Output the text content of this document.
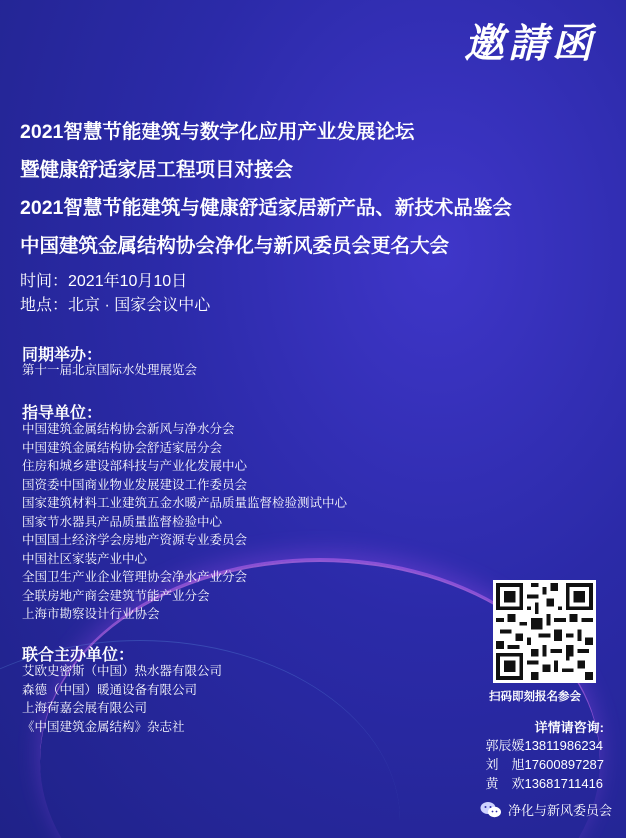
邀請函
2021智慧节能建筑与数字化应用产业发展论坛
暨健康舒适家居工程项目对接会
2021智慧节能建筑与健康舒适家居新产品、新技术品鉴会
中国建筑金属结构协会净化与新风委员会更名大会
时间：2021年10月10日
地点：北京 · 国家会议中心
同期举办：
第十一届北京国际水处理展览会
指导单位：
中国建筑金属结构协会新风与净水分会
中国建筑金属结构协会舒适家居分会
住房和城乡建设部科技与产业化发展中心
国资委中国商业物业发展建设工作委员会
国家建筑材料工业建筑五金水暖产品质量监督检验测试中心
国家节水器具产品质量监督检验中心
中国国土经济学会房地产资源专业委员会
中国社区家装产业中心
全国卫生产业企业管理协会净水产业分会
全联房地产商会建筑节能产业分会
上海市勘察设计行业协会
联合主办单位：
艾欧史密斯（中国）热水器有限公司
森德（中国）暖通设备有限公司
上海荷嘉会展有限公司
《中国建筑金属结构》杂志社
扫码即刻报名参会
详情请咨询:
郭辰媛13811986234
刘　旭17600897287
黄　欢13681711416
净化与新风委员会
